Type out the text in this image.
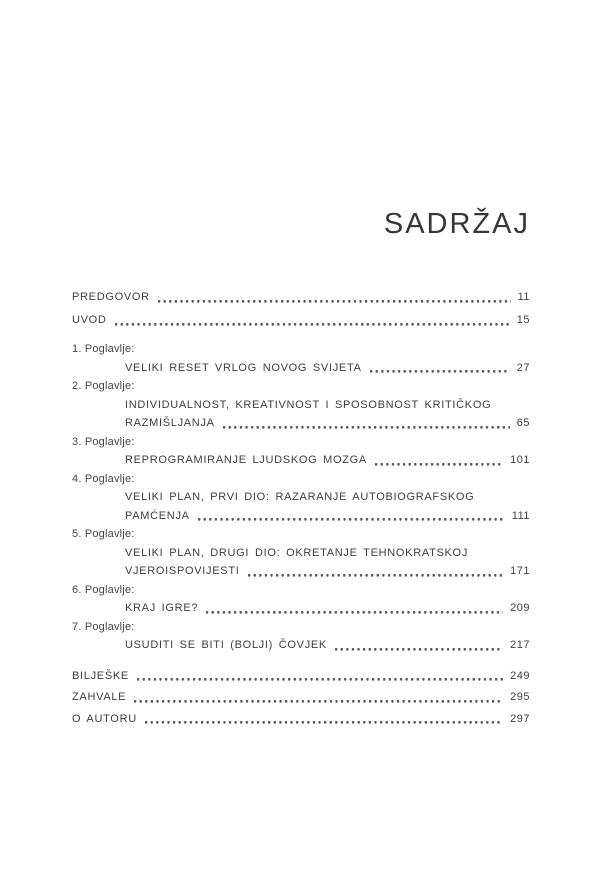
SADRŽAJ
PREDGOVOR	11
UVOD	15
1. Poglavlje:
VELIKI RESET VRLOG NOVOG SVIJETA	27
2. Poglavlje:
INDIVIDUALNOST, KREATIVNOST I SPOSOBNOST KRITIČKOG
RAZMIŠLJANJA	65
3. Poglavlje:
REPROGRAMIRANJE LJUDSKOG MOZGA	101
4. Poglavlje:
VELIKI PLAN, PRVI DIO: RAZARANJE AUTOBIOGRAFSKOG
PAMĆENJA	111
5. Poglavlje:
VELIKI PLAN, DRUGI DIO: OKRETANJE TEHNOKRATSKOJ
VJEROISPOVIJESTI	171
6. Poglavlje:
KRAJ IGRE?	209
7. Poglavlje:
USUDITI SE BITI (BOLJI) ČOVJEK	217
BILJEŠKE	249
ZAHVALE	295
O AUTORU	297
